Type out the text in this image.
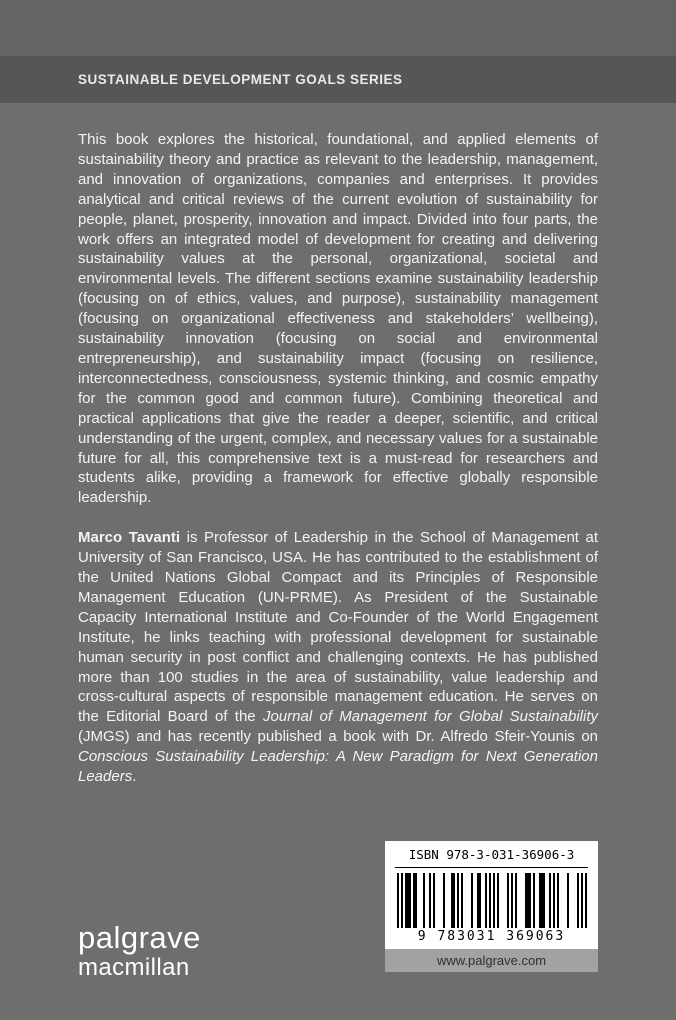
SUSTAINABLE DEVELOPMENT GOALS SERIES

This book explores the historical, foundational, and applied elements of sustainability theory and practice as relevant to the leadership, management, and innovation of organizations, companies and enterprises. It provides analytical and critical reviews of the current evolution of sustainability for people, planet, prosperity, innovation and impact. Divided into four parts, the work offers an integrated model of development for creating and delivering sustainability values at the personal, organizational, societal and environmental levels. The different sections examine sustainability leadership (focusing on of ethics, values, and purpose), sustainability management (focusing on organizational effectiveness and stakeholders’ wellbeing), sustainability innovation (focusing on social and environmental entrepreneurship), and sustainability impact (focusing on resilience, interconnectedness, consciousness, systemic thinking, and cosmic empathy for the common good and common future). Combining theoretical and practical applications that give the reader a deeper, scientific, and critical understanding of the urgent, complex, and necessary values for a sustainable future for all, this comprehensive text is a must-read for researchers and students alike, providing a framework for effective globally responsible leadership.

Marco Tavanti is Professor of Leadership in the School of Management at University of San Francisco, USA. He has contributed to the establishment of the United Nations Global Compact and its Principles of Responsible Management Education (UN-PRME). As President of the Sustainable Capacity International Institute and Co-Founder of the World Engagement Institute, he links teaching with professional development for sustainable human security in post conflict and challenging contexts. He has published more than 100 studies in the area of sustainability, value leadership and cross-cultural aspects of responsible management education. He serves on the Editorial Board of the Journal of Management for Global Sustainability (JMGS) and has recently published a book with Dr. Alfredo Sfeir-Younis on Conscious Sustainability Leadership: A New Paradigm for Next Generation Leaders.

palgrave
macmillan
ISBN 978-3-031-36906-3
9 783031 369063
www.palgrave.com
